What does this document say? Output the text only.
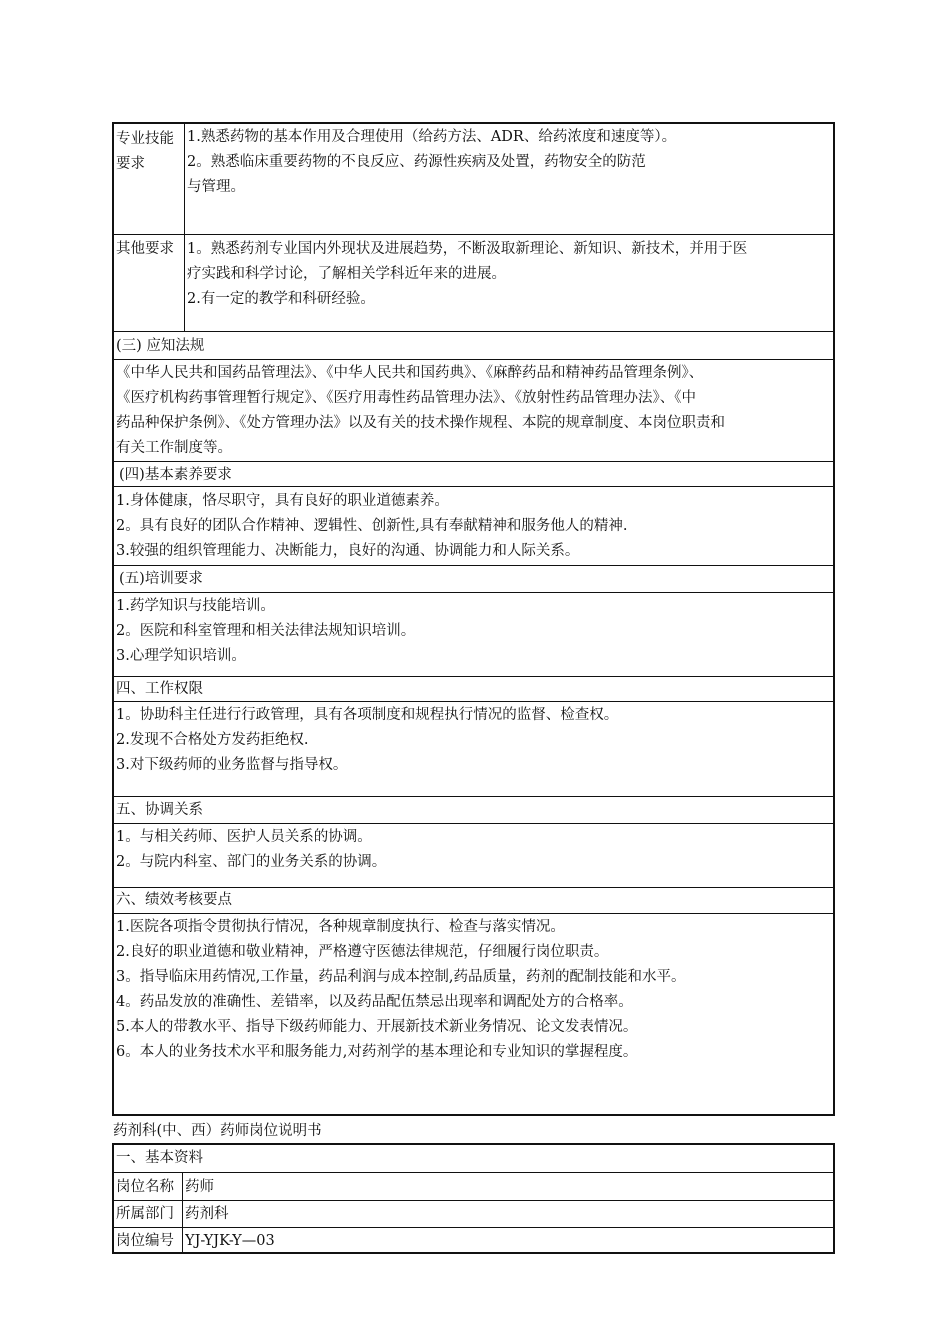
专业技能
要求
1.熟悉药物的基本作用及合理使用（给药方法、ADR、给药浓度和速度等）。
2。熟悉临床重要药物的不良反应、药源性疾病及处置，药物安全的防范
与管理。
其他要求 1。熟悉药剂专业国内外现状及进展趋势，不断汲取新理论、新知识、新技术，并用于医
疗实践和科学讨论，了解相关学科近年来的进展。
2.有一定的教学和科研经验。
(三) 应知法规
《中华人民共和国药品管理法》、《中华人民共和国药典》、《麻醉药品和精神药品管理条例》、
《医疗机构药事管理暂行规定》、《医疗用毒性药品管理办法》、《放射性药品管理办法》、《中
药品种保护条例》、《处方管理办法》以及有关的技术操作规程、本院的规章制度、本岗位职责和
有关工作制度等。
(四)基本素养要求
1.身体健康，恪尽职守，具有良好的职业道德素养。
2。具有良好的团队合作精神、逻辑性、创新性,具有奉献精神和服务他人的精神.
3.较强的组织管理能力、决断能力，良好的沟通、协调能力和人际关系。
(五)培训要求
1.药学知识与技能培训。
2。医院和科室管理和相关法律法规知识培训。
3.心理学知识培训。
四、工作权限
1。协助科主任进行行政管理，具有各项制度和规程执行情况的监督、检查权。
2.发现不合格处方发药拒绝权.
3.对下级药师的业务监督与指导权。
五、协调关系
1。与相关药师、医护人员关系的协调。
2。与院内科室、部门的业务关系的协调。
六、绩效考核要点
1.医院各项指令贯彻执行情况，各种规章制度执行、检查与落实情况。
2.良好的职业道德和敬业精神，严格遵守医德法律规范，仔细履行岗位职责。
3。指导临床用药情况,工作量，药品利润与成本控制,药品质量，药剂的配制技能和水平。
4。药品发放的准确性、差错率，以及药品配伍禁忌出现率和调配处方的合格率。
5.本人的带教水平、指导下级药师能力、开展新技术新业务情况、论文发表情况。
6。本人的业务技术水平和服务能力,对药剂学的基本理论和专业知识的掌握程度。
药剂科(中、西）药师岗位说明书
一、基本资料
岗位名称 药师
所属部门 药剂科
岗位编号 YJ-YJK-Y—03
